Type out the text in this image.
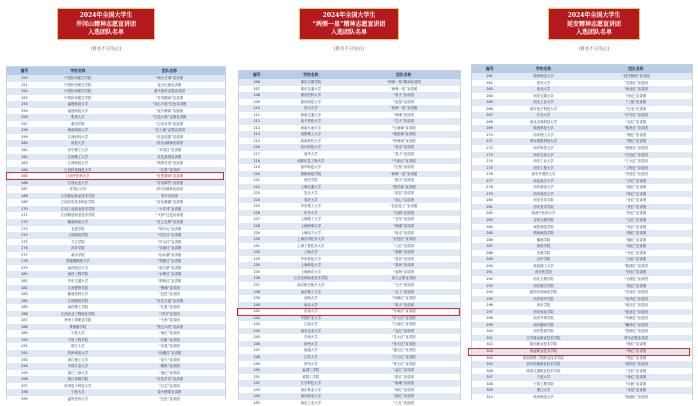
2024年全国大学生
井冈山精神志愿宣讲团
入选团队名单
(排名不分先后)
编号	学校名称	团队名称
250	中国民用航空学院	“海天长城”宣讲团
251	中国民用航空学院	蓝天红旗宣讲团
252	中国民用航空学院	薪火相传志愿宣讲团
253	中国民用航空学院	“井冈精神”宣讲团
254	福建师范大学	“初心不改”红色宣讲团
255	福建师范大学	“星火燎原”实践团
256	集美大学	“红色火种”志愿宣讲团
257	莆田学院	“心向井冈”宣讲团
258	闽南师范大学	“红土地”志愿宣讲团
259	江西财经大学	“红色摇篮”宣讲团
260	南昌大学	井冈山精神宣讲团
261	东华理工大学	“井冈红”宣讲团
262	江西理工大学	红色基因宣讲团
263	江西师范大学	“筑梦井冈”宣讲团
264	江西科技师范大学	“红星”宣讲团
265	江西中医药大学	“红医精神”宣讲团
266	江西农业大学	“井冈翠竹”宣讲团
267	井冈山大学	井冈山精神宣讲团
268	江苏航运职业技术学院	青年宣讲团
269	江西应用技术职业学院	“红色赣鄱”宣讲团
270	江西工业职业技术学院	“小井冈”宣讲团
271	江西制造职业技术学院	“火种”红色宣讲团
272	赣南师范大学	“红土先锋”宣讲团
273	宜春学院	“明月山”宣讲团
274	上饶师范学院	“信江红”宣讲团
275	九江学院	“庐山红”宣讲团
276	萍乡学院	“安源红”宣讲团
277	新余学院	“仙女湖”宣讲团
278	景德镇陶瓷大学	“瓷都红”宣讲团
279	南昌航空大学	“蓝天梦”宣讲团
280	南昌工程学院	“水利红”宣讲团
281	华东交通大学	“路桥红”宣讲团
282	江西警察学院	“警魂”宣讲团
283	赣南医科大学	“红医”宣讲团
284	江西服装学院	“红色衣裳”宣讲团
285	南昌理工学院	“红星”宣讲团
286	江西农业工程职业学院	“井冈”宣讲团
287	贵州工商职业学院	“火种”宣讲团
288	景德镇学院	“瓷心向党”宣讲团
289	宁波大学	“甬红”宣讲团
290	宁波工程学院	“红帆”宣讲团
291	浙江大学	“求是”宣讲团
292	杭州师范大学	“西湖红”宣讲团
293	浙江理工大学	“星火”宣讲团
294	中国计量大学	“精准”宣讲团
295	浙江工商大学	“商红”宣讲团
296	浙江传媒学院	“红色声音”宣讲团
297	杭州电子科技大学	“红芯”宣讲团
298	宁波大学	星火燎原宣讲团
299	温州医科大学	“红医”宣讲团
2024年全国大学生
“两弹一星”精神志愿宣讲团
入选团队名单
(排名不分先后)
编号	学校名称	团队名称
206	重庆文理学院	“两弹一星”精神宣讲团
207	重庆交通大学	“两弹一星”宣讲团
208	重庆医科大学	“星火”宣讲团
209	重庆师范大学	“追星”宣讲团
210	四川大学	“两弹一星”宣讲团
211	西南交通大学	“铸魂”宣讲团
212	电子科技大学	“芯火”宣讲团
213	西南石油大学	“石油魂”宣讲团
214	成都理工大学	“地质魂”宣讲团
215	西南科技大学	“两弹城”宣讲团
216	四川师范大学	“星光”宣讲团
217	西华大学	“星火”宣讲团
218	成都信息工程大学	“气象红”宣讲团
219	西华师范大学	“红星”宣讲团
220	绵阳师范学院	“两弹一星”宣讲团
221	西昌学院	“航天”宣讲团
222	上海交通大学	“钱学森”宣讲团
223	复旦大学	“星辰”宣讲团
224	同济大学	“同心”宣讲团
225	华东理工大学	“红色化工”宣讲团
226	东华大学	“红绸”宣讲团
227	上海理工大学	“光华”宣讲团
228	上海海事大学	“海魂”宣讲团
229	上海电力大学	“电光”宣讲团
230	上海应用技术大学	“应技红”宣讲团
231	上海工程技术大学	“工匠”宣讲团
232	上海大学	“溯源”宣讲团
233	华东师范大学	“星河”宣讲团
234	上海师范大学	“星师”宣讲团
235	上海海洋大学	“蓝海”宣讲团
236	江苏农林职业技术学院	星火志愿宣讲团
237	南京航空航天大学	“飞天”宣讲团
238	南京理工大学	“兵工”宣讲团
239	河海大学	“河海红”宣讲团
240	南京大学	“星火”宣讲团
241	东南大学	“东南红”宣讲团
242	中国矿业大学	“矿大红”宣讲团
243	江南大学	“江南红”宣讲团
244	南京农业大学	“农红”宣讲团
245	苏州大学	“苏大红”宣讲团
246	扬州大学	“扬大红”宣讲团
247	南通大学	“通大红”宣讲团
248	江苏大学	“江大红”宣讲团
249	常州大学	“常大红”宣讲团
250	盐城工学院	“盐红”宣讲团
251	淮阴工学院	“淮红”宣讲团
252	江苏科技大学	“船魂”宣讲团
253	南京林业大学	“林红”宣讲团
254	南京邮电大学	“邮红”宣讲团
255	南京工业大学	“工红”宣讲团
2024年全国大学生
延安精神志愿宣讲团
入选团队名单
(排名不分先后)
编号	学校名称	团队名称
261	陕西师范大学	“延安精神”宣讲团
262	延安大学	“宝塔红”宣讲团
263	西北大学	“西北红”宣讲团
264	西安交通大学	“西迁”宣讲团
265	西北工业大学	“三航”宣讲团
266	西安电子科技大学	“红电”宣讲团
267	长安大学	“长安红”宣讲团
268	西北农林科技大学	“农红”宣讲团
269	陕西科技大学	“陕科红”宣讲团
270	西安理工大学	“理红”宣讲团
271	西安建筑科技大学	“建红”宣讲团
272	西安科技大学	“西科红”宣讲团
273	西安石油大学	“石油红”宣讲团
274	西安工业大学	“工大红”宣讲团
275	西安工程大学	“工程红”宣讲团
276	西安外国语大学	“外语红”宣讲团
277	西北政法大学	“法红”宣讲团
278	西安邮电大学	“邮红”宣讲团
279	西安财经大学	“财红”宣讲团
280	西安音乐学院	“音红”宣讲团
281	西安美术学院	“美红”宣讲团
282	陕西中医药大学	“医红”宣讲团
283	宝鸡文理学院	“宝红”宣讲团
284	咸阳师范学院	“咸红”宣讲团
285	渭南师范学院	“渭红”宣讲团
286	榆林学院	“榆红”宣讲团
287	商洛学院	“商红”宣讲团
288	安康学院	“安红”宣讲团
289	汉中学院	“汉红”宣讲团
290	陕西理工大学	“陕理红”宣讲团
291	西安医学院	“医红”宣讲团
292	西安文理学院	“文理红”宣讲团
293	西安航空学院	“航红”宣讲团
294	陕西学前师范学院	“学前红”宣讲团
295	西安培华学院	“培华红”宣讲团
296	西京学院	“西京红”宣讲团
297	西安欧亚学院	“欧亚红”宣讲团
298	西安外事学院	“外事红”宣讲团
299	西安翻译学院	“翻译红”宣讲团
300	西安思源学院	“思源红”宣讲团
301	江苏航运职业技术学院	青年志愿宣讲团
302	陕西职业技术学院	“职红”宣讲团
303	杨凌职业技术学院	“杨红”宣讲团
304	陕西铁路工程职业技术学院	“铁红”宣讲团
305	西安铁路职业技术学院	“西铁红”宣讲团
306	陕西交通职业技术学院	“交红”宣讲团
307	宁波大学	“甬红”宣讲团
308	宁波工程学院	“红帆”宣讲团
309	浙江大学	“求是”宣讲团
310	杭州师范大学	“西湖红”宣讲团
